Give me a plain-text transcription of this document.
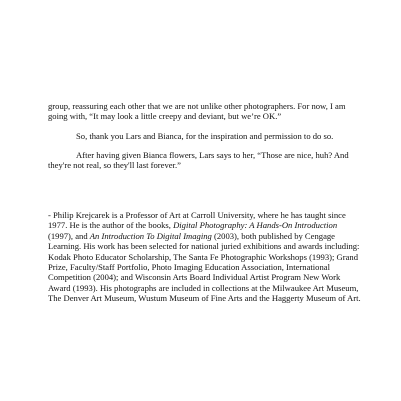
group, reassuring each other that we are not unlike other photographers. For now, I am
going with, “It may look a little creepy and deviant, but we’re OK.”

So, thank you Lars and Bianca, for the inspiration and permission to do so.

After having given Bianca flowers, Lars says to her, “Those are nice, huh? And
they're not real, so they'll last forever.”

- Philip Krejcarek is a Professor of Art at Carroll University, where he has taught since
1977. He is the author of the books, Digital Photography: A Hands-On Introduction
(1997), and An Introduction To Digital Imaging (2003), both published by Cengage
Learning. His work has been selected for national juried exhibitions and awards including:
Kodak Photo Educator Scholarship, The Santa Fe Photographic Workshops (1993); Grand
Prize, Faculty/Staff Portfolio, Photo Imaging Education Association, International
Competition (2004); and Wisconsin Arts Board Individual Artist Program New Work
Award (1993). His photographs are included in collections at the Milwaukee Art Museum,
The Denver Art Museum, Wustum Museum of Fine Arts and the Haggerty Museum of Art.
